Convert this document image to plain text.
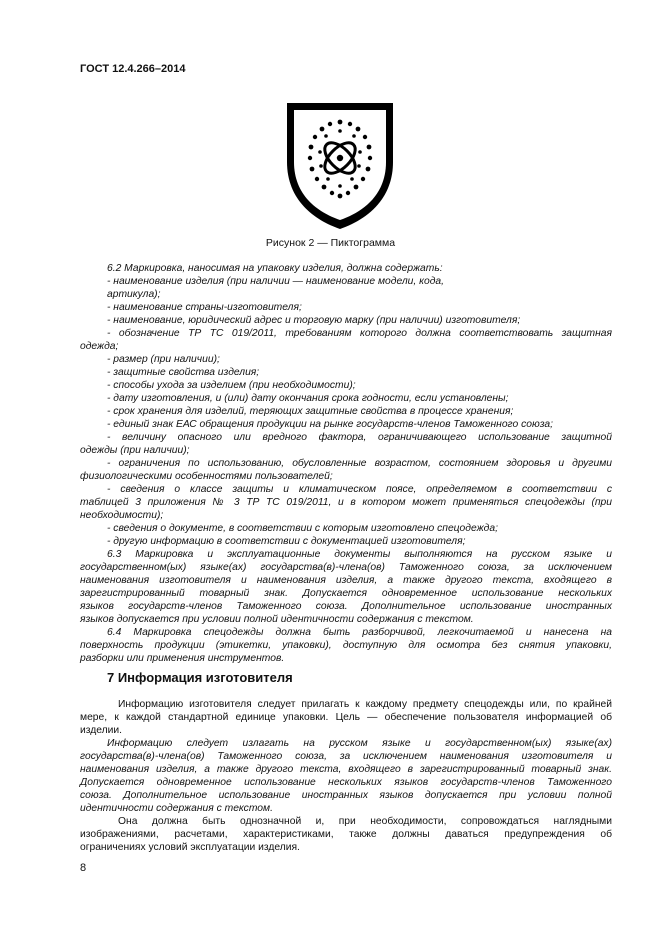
ГОСТ 12.4.266–2014
Рисунок 2 — Пиктограмма
6.2 Маркировка, наносимая на упаковку изделия, должна содержать:
- наименование изделия (при наличии — наименование модели, кода,
артикула);
- наименование страны-изготовителя;
- наименование, юридический адрес и торговую марку (при наличии) изготовителя;
- обозначение ТР ТС 019/2011, требованиям которого должна соответствовать защитная
одежда;
- размер (при наличии);
- защитные свойства изделия;
- способы ухода за изделием (при необходимости);
- дату изготовления, и (или) дату окончания срока годности, если установлены;
- срок хранения для изделий, теряющих защитные свойства в процессе хранения;
- единый знак ЕАС обращения продукции на рынке государств-членов Таможенного союза;
- величину опасного или вредного фактора, ограничивающего использование защитной
одежды (при наличии);
- ограничения по использованию, обусловленные возрастом, состоянием здоровья и другими
физиологическими особенностями пользователей;
- сведения о классе защиты и климатическом поясе, определяемом в соответствии с
таблицей 3 приложения № 3 ТР ТС 019/2011, и в котором может применяться спецодежды (при
необходимости);
- сведения о документе, в соответствии с которым изготовлено спецодежда;
- другую информацию в соответствии с документацией изготовителя;
6.3 Маркировка и эксплуатационные документы выполняются на русском языке и
государственном(ых) языке(ах) государства(в)-члена(ов) Таможенного союза, за исключением
наименования изготовителя и наименования изделия, а также другого текста, входящего в
зарегистрированный товарный знак. Допускается одновременное использование нескольких
языков государств-членов Таможенного союза. Дополнительное использование иностранных
языков допускается при условии полной идентичности содержания с текстом.
6.4 Маркировка спецодежды должна быть разборчивой, легкочитаемой и нанесена на
поверхность продукции (этикетки, упаковки), доступную для осмотра без снятия упаковки,
разборки или применения инструментов.
7 Информация изготовителя
Информацию изготовителя следует прилагать к каждому предмету спецодежды или, по крайней
мере, к каждой стандартной единице упаковки. Цель — обеспечение пользователя информацией об
изделии.
Информацию следует излагать на русском языке и государственном(ых) языке(ах)
государства(в)-члена(ов) Таможенного союза, за исключением наименования изготовителя и
наименования изделия, а также другого текста, входящего в зарегистрированный товарный знак.
Допускается одновременное использование нескольких языков государств-членов Таможенного
союза. Дополнительное использование иностранных языков допускается при условии полной
идентичности содержания с текстом.
Она должна быть однозначной и, при необходимости, сопровождаться наглядными
изображениями, расчетами, характеристиками, также должны даваться предупреждения об
ограничениях условий эксплуатации изделия.
8
